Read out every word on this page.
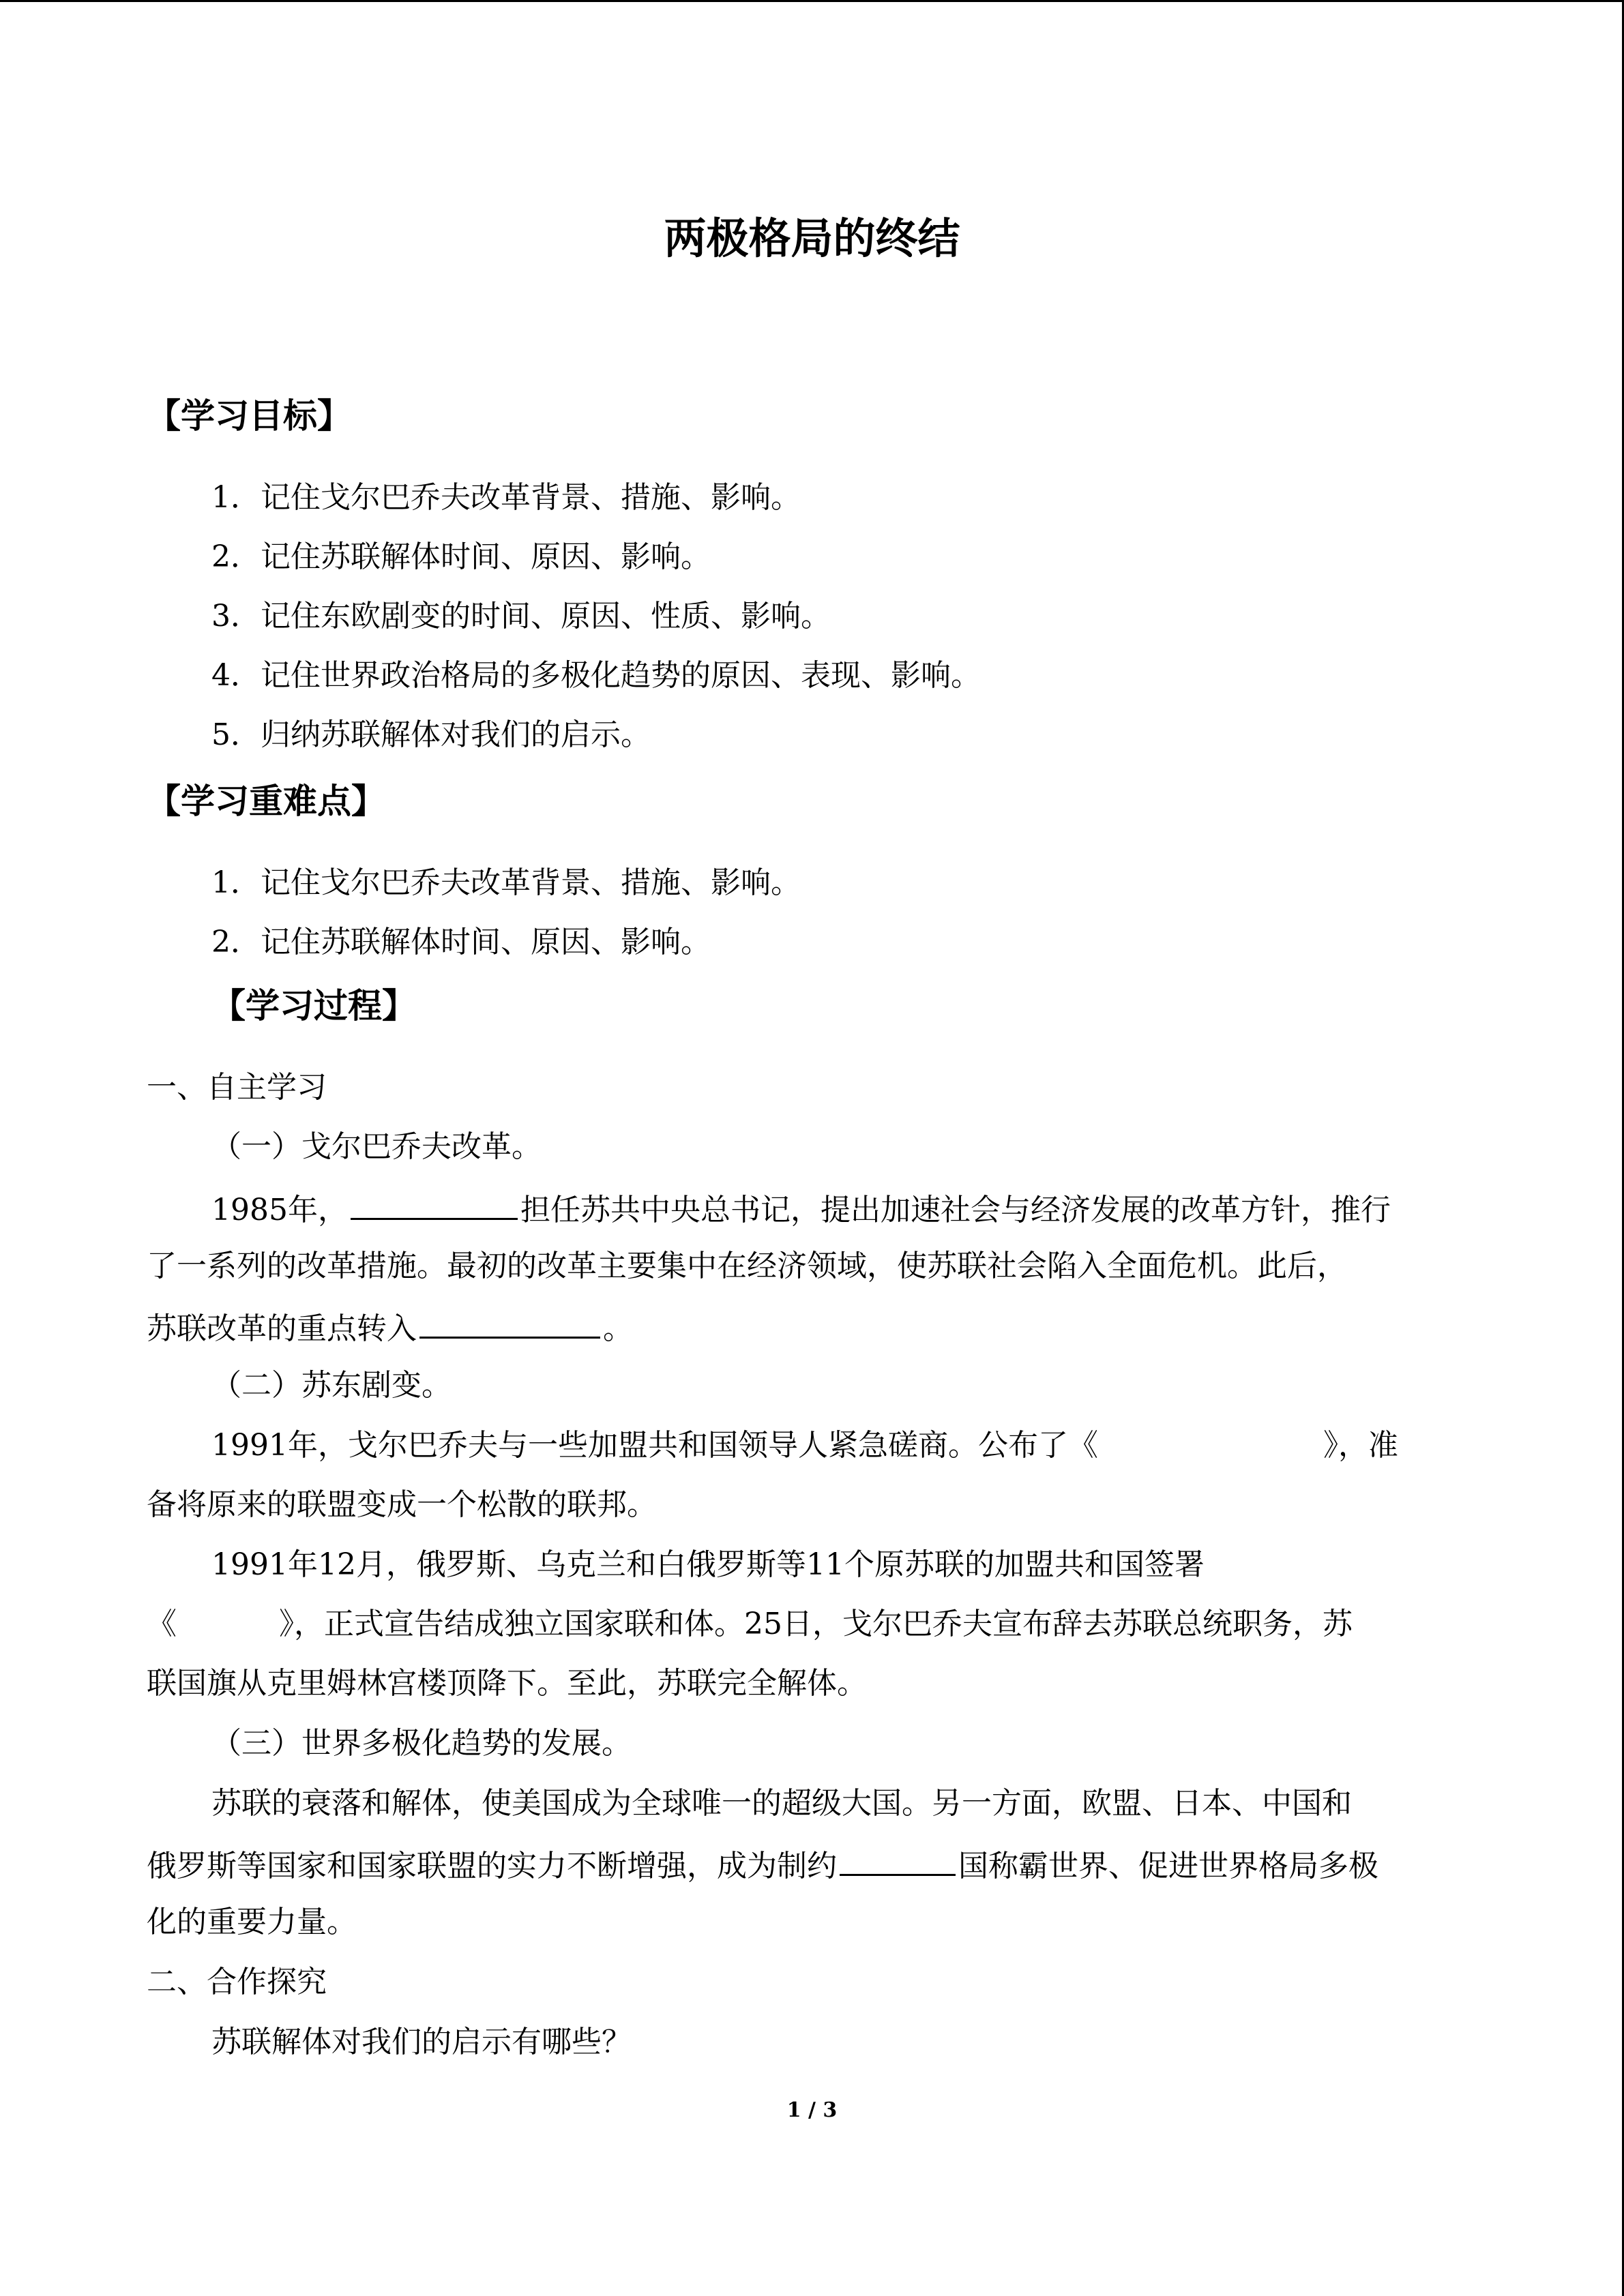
两极格局的终结
【学习目标】
1．记住戈尔巴乔夫改革背景、措施、影响。
2．记住苏联解体时间、原因、影响。
3．记住东欧剧变的时间、原因、性质、影响。
4．记住世界政治格局的多极化趋势的原因、表现、影响。
5．归纳苏联解体对我们的启示。
【学习重难点】
1．记住戈尔巴乔夫改革背景、措施、影响。
2．记住苏联解体时间、原因、影响。
【学习过程】
一、自主学习
（一）戈尔巴乔夫改革。
1985年，	担任苏共中央总书记，提出加速社会与经济发展的改革方针，推行
了一系列的改革措施。最初的改革主要集中在经济领域，使苏联社会陷入全面危机。此后，
苏联改革的重点转入	。
（二）苏东剧变。
1991年，戈尔巴乔夫与一些加盟共和国领导人紧急磋商。公布了《	》，准
备将原来的联盟变成一个松散的联邦。
1991年12月，俄罗斯、乌克兰和白俄罗斯等11个原苏联的加盟共和国签署
《	》，正式宣告结成独立国家联和体。25日，戈尔巴乔夫宣布辞去苏联总统职务，苏
联国旗从克里姆林宫楼顶降下。至此，苏联完全解体。
（三）世界多极化趋势的发展。
苏联的衰落和解体，使美国成为全球唯一的超级大国。另一方面，欧盟、日本、中国和
俄罗斯等国家和国家联盟的实力不断增强，成为制约	国称霸世界、促进世界格局多极
化的重要力量。
二、合作探究
苏联解体对我们的启示有哪些？
1 / 3
